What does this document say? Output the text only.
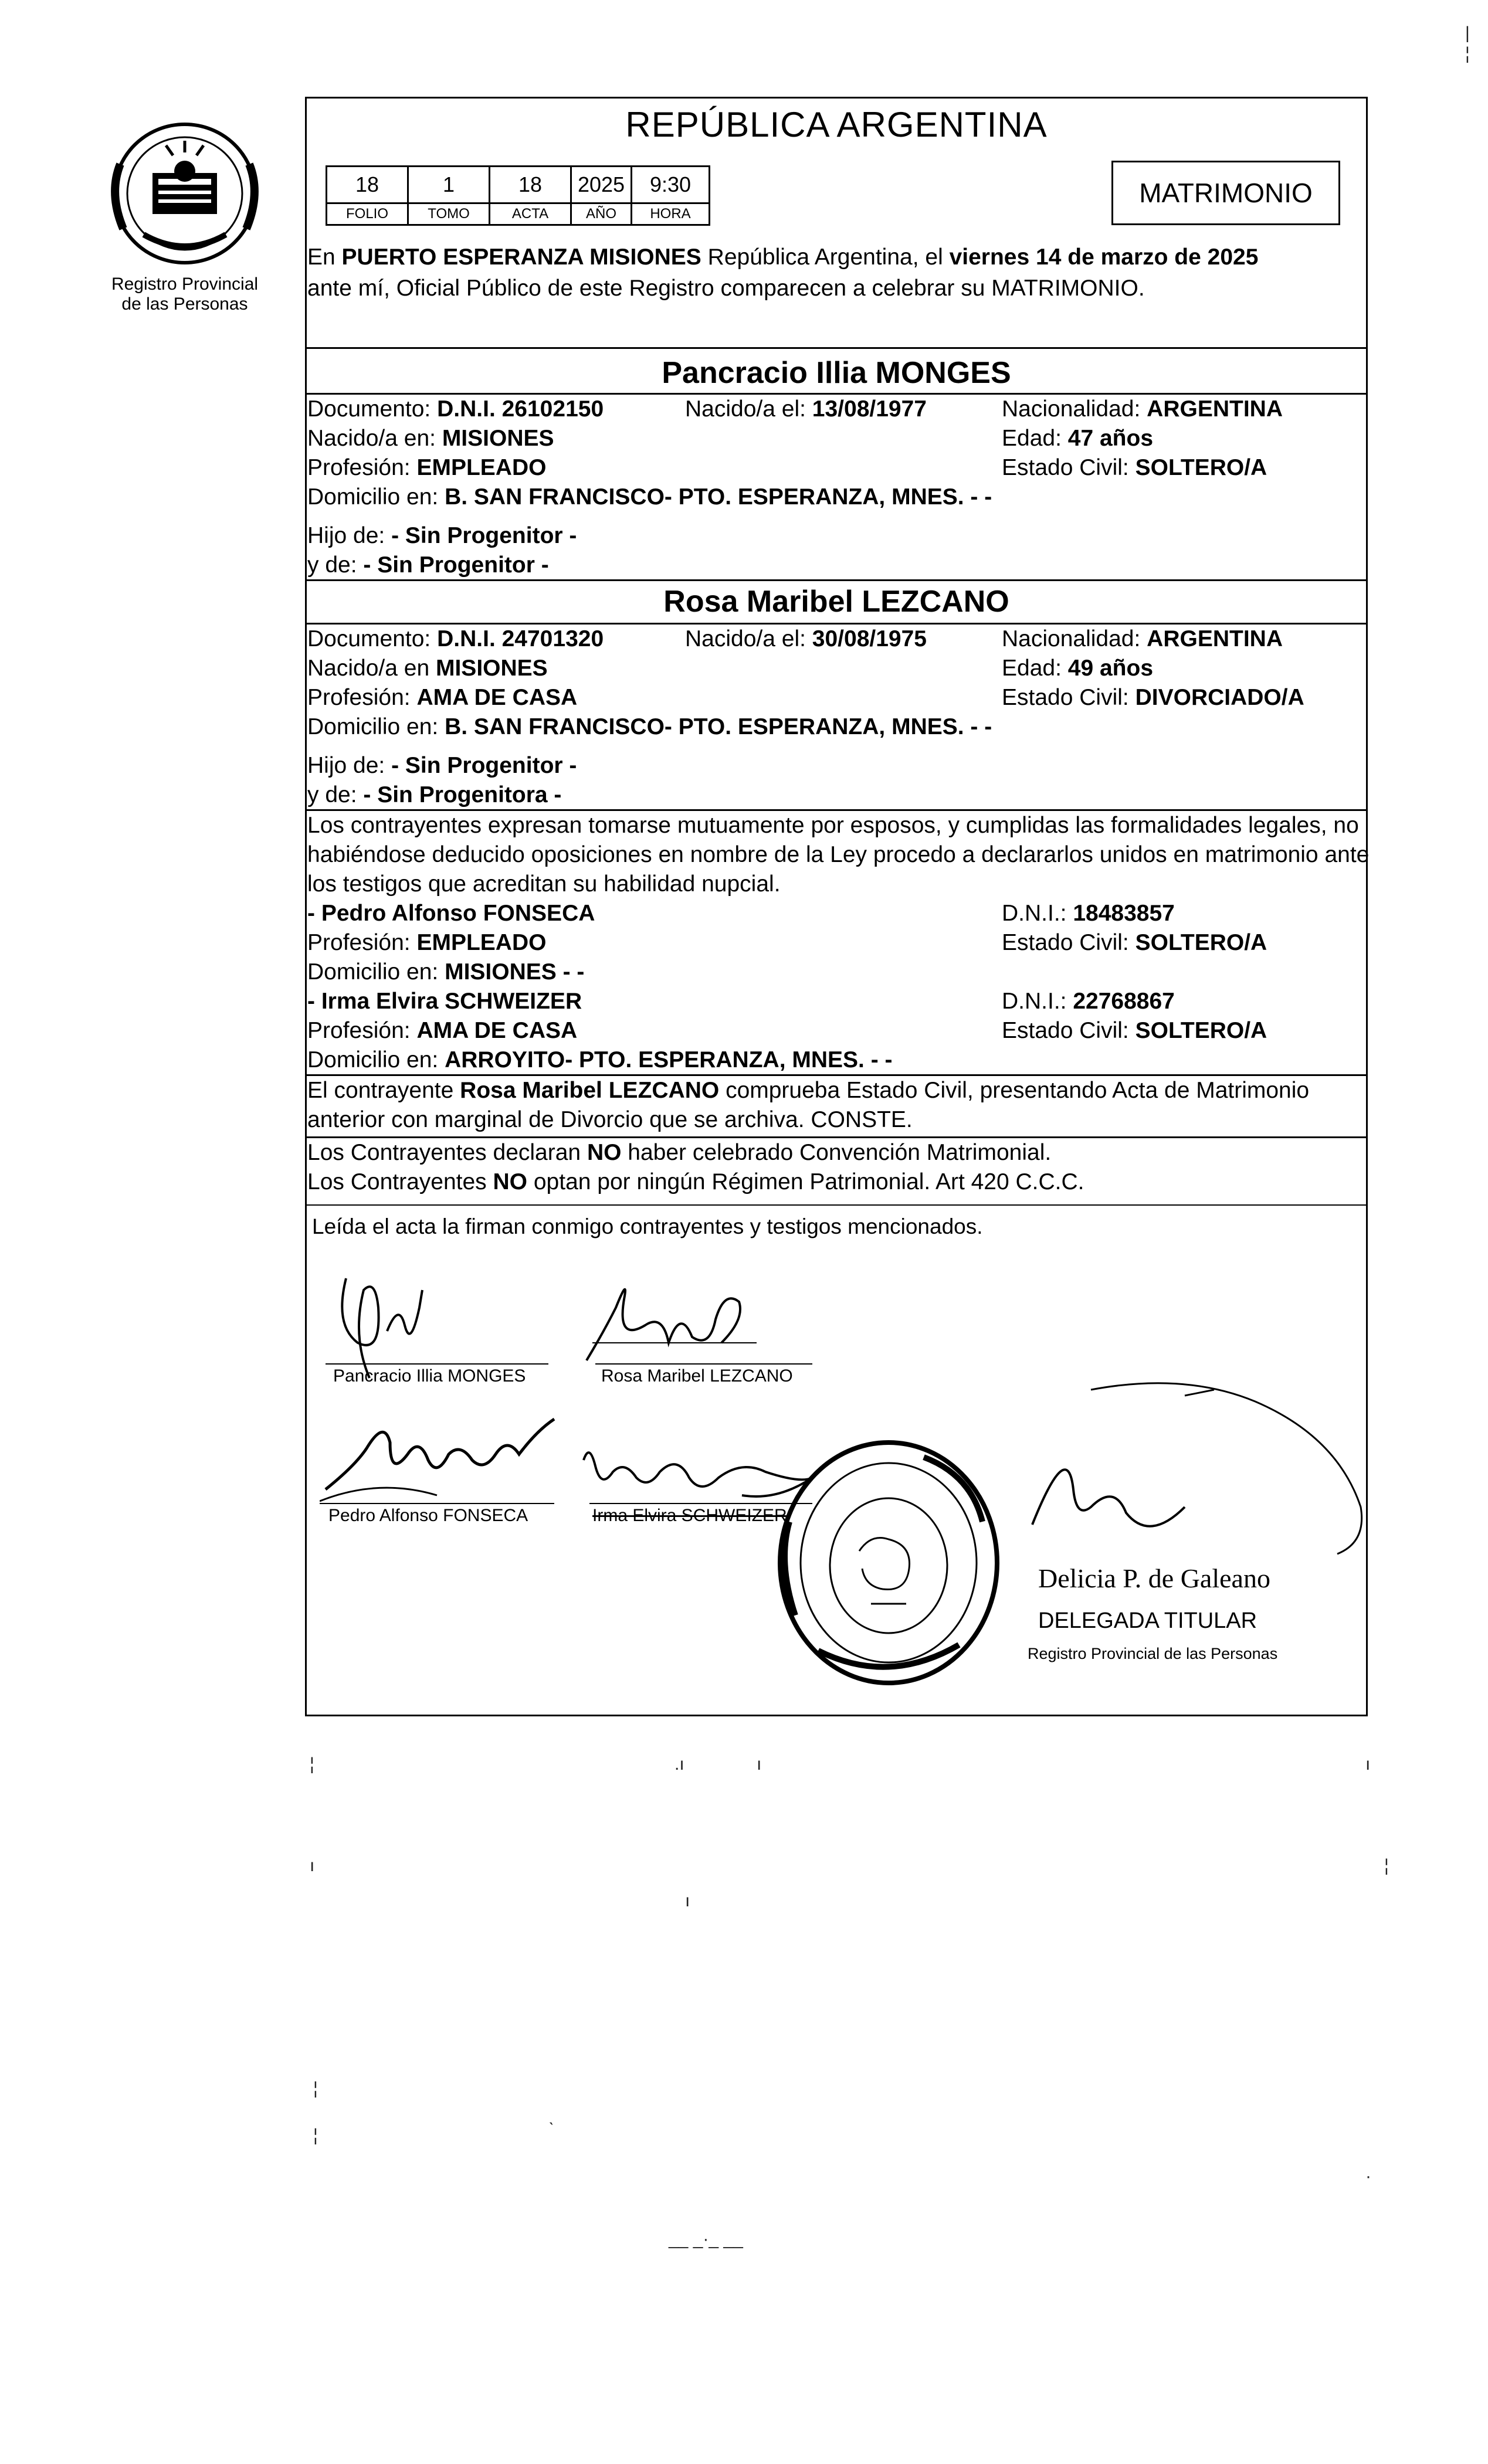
Registro Provincial
de las Personas
REPÚBLICA ARGENTINA
18	1	18	2025	9:30
FOLIO	TOMO	ACTA	AÑO	HORA
MATRIMONIO
En PUERTO ESPERANZA MISIONES República Argentina, el viernes 14 de marzo de 2025
ante mí, Oficial Público de este Registro comparecen a celebrar su MATRIMONIO.
Pancracio Illia MONGES
Documento: D.N.I. 26102150	Nacido/a el: 13/08/1977	Nacionalidad: ARGENTINA
Nacido/a en: MISIONES	Edad: 47 años
Profesión: EMPLEADO	Estado Civil: SOLTERO/A
Domicilio en: B. SAN FRANCISCO- PTO. ESPERANZA, MNES. - -
Hijo de: - Sin Progenitor -
y de: - Sin Progenitor -
Rosa Maribel LEZCANO
Documento: D.N.I. 24701320	Nacido/a el: 30/08/1975	Nacionalidad: ARGENTINA
Nacido/a en MISIONES	Edad: 49 años
Profesión: AMA DE CASA	Estado Civil: DIVORCIADO/A
Domicilio en: B. SAN FRANCISCO- PTO. ESPERANZA, MNES. - -
Hijo de: - Sin Progenitor -
y de: - Sin Progenitora -
Los contrayentes expresan tomarse mutuamente por esposos, y cumplidas las formalidades legales, no
habiéndose deducido oposiciones en nombre de la Ley procedo a declararlos unidos en matrimonio ante
los testigos que acreditan su habilidad nupcial.
- Pedro Alfonso FONSECA	D.N.I.: 18483857
Profesión: EMPLEADO	Estado Civil: SOLTERO/A
Domicilio en: MISIONES - -
- Irma Elvira SCHWEIZER	D.N.I.: 22768867
Profesión: AMA DE CASA	Estado Civil: SOLTERO/A
Domicilio en: ARROYITO- PTO. ESPERANZA, MNES. - -
El contrayente Rosa Maribel LEZCANO comprueba Estado Civil, presentando Acta de Matrimonio
anterior con marginal de Divorcio que se archiva. CONSTE.
Los Contrayentes declaran NO haber celebrado Convención Matrimonial.
Los Contrayentes NO optan por ningún Régimen Patrimonial. Art 420 C.C.C.
Leída el acta la firman conmigo contrayentes y testigos mencionados.
Pancracio Illia MONGES	Rosa Maribel LEZCANO
Pedro Alfonso FONSECA	Irma Elvira SCHWEIZER
Delicia P. de Galeano
DELEGADA TITULAR
Registro Provincial de las Personas
|
¦
¦	.ı	ı	ı
¦
ı
ı
¦
¦	ˋ
·
__ _·_ __
